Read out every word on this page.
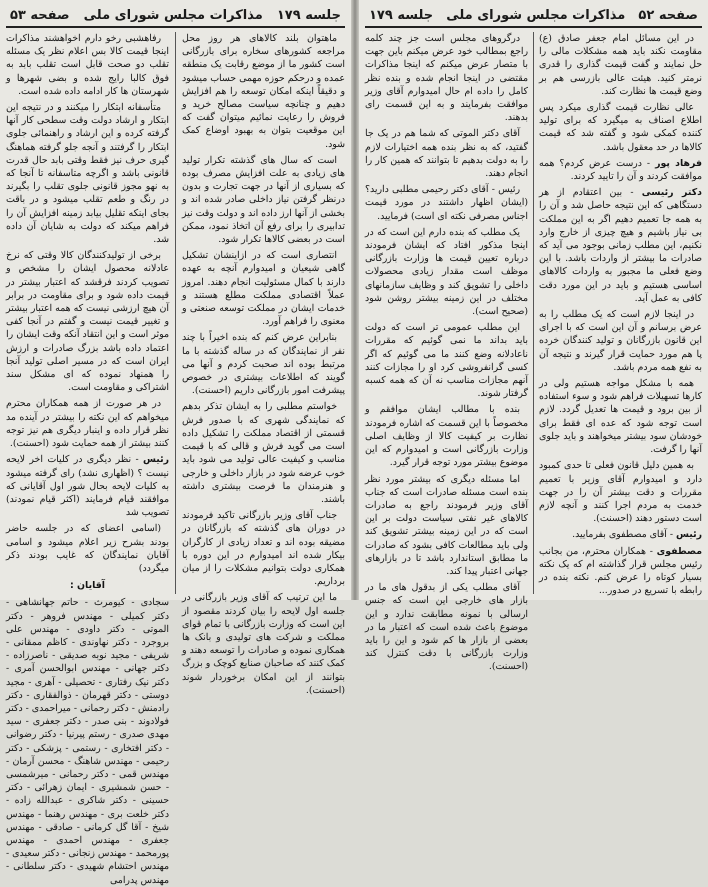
جلسه ۱۷۹
مذاکرات مجلس شورای ملی
صفحه ۵۳

رفاهشبی رخو دارم اخواهشند مذاکرات اینجا قیمت کالا بس اعلام نظر یک مسئله تقلب دو صحت قابل است تقلب بابد به فوق کالبا رایج شده و بضی شهرها و شهرستان ها کار ادامه داده شده است.

متأسفانه ابتکار را میکنند و در نتیجه این ابتکار و ارشاد دولت وقت سطحی کار آنها گرفته کرده و این ارشاد و راهنمائی جلوی ابتکار را گرفتند و آنجه جلو گرفته هماهنگ گیری حرف نیز فقط وقتی بابد حال قدرت قانونی باشد و اگرچه متاسفانه تا آنجا که به نهو مجوز قانونی جلوی تقلب را بگیرند در رنگ و طعم تقلب میشود و در باقت بجای اینکه تقلیل بیابد زمینه افزایش آن را فراهم میکند که دولت به شایان آن داده شد.

برخی از تولیدکنندگان کالا وقتی که نرخ عادلانه محصول ایشان را مشخص و تصویب کردند فرقشد که اعتبار بیشتر در قیمت داده شود و برای مقاومت در برابر آن هیچ ارزشی نیست که همه اعتبار بیشتر و تغییر قیمت نیست و گفتم در آنجا کفی موثر است و این انتقاد آنکه وقت ایشان را اعتماد داده باشد بزرگ صادرات و ارزش ایران است که در مسیر اصلی تولید آنجا را همنهاد نموده که ای مشکل سند اشتراکی و مقاومت است.

در هر صورت از همه همکاران محترم میخواهم که این نکته را بیشتر در آینده مد نظر قرار داده و اینبار دیگری هم نیز توجه کنند بیشتر از همه حمایت شود (احسنت).

رئیس - نظر دیگری در کلیات اخر لایحه نیست ؟ (اظهاری نشد) رای گرفته میشود به کلیات لایحه بحال شور اول آقایانی که موافقند قیام فرمایند (اکثر قیام نمودند) تصویب شد

(اسامی اعضای که در جلسه حاضر بودند بشرح زیر اعلام میشود و اسامی آقایان نمایندگان که غایب بودند ذکر میگردد)

آقایان :

سجادی - کیومرث - حاتم جهانشاهی - دکتر کمیلی - مهندس فروهر - دکتر الموتی - دکتر داودی - مهندس علی بروجرد - دکتر نهاوندی - کاظم ممقانی - شریفی - مجید نوبه صدیقی - ناصرزاده - دکتر جهانی - مهندس ابوالحسن آمری - دکتر نیک رفتاری - تحصیلی - آهری - مجید دوستی - دکتر قهرمان - ذوالفقاری - دکتر رادمنش - دکتر رحمانی - میراحمدی - دکتر فولادوند - بنی صدر - دکتر جعفری - سید مهدی صدری - رستم پیرنیا - دکتر رضوانی - دکتر افتخاری - رستمی - پزشکی - دکتر رحیمی - مهندس شاهنگ - محسن آرمان - مهندس قمی - دکتر رحمانی - میرشمسی - حسن شمشیری - ایمان زهرائی - دکتر حسینی - دکتر شاکری - عبدالله زاده - دکتر خلعت بری - مهندس رهنما - مهندس شیخ - آقا گل کرمانی - صادقی - مهندس جعفری - مهندس احمدی - مهندس پورمحمد - مهندس زنجانی - دکتر سعیدی - مهندس احتشام شهیدی - دکتر سلطانی - مهندس پدرامی

ماهتوان بلند کالاهای هر روز محل مراجعه کشورهای سخاره برای بازرگانی است کشور ما از موضع رقابت یک منطقه عمده و درحکم حوزه مهمی حساب میشود و دقیقاً اینکه امکان توسعه را هم افزایش دهیم و چنانچه سیاست مصالح خرید و فروش را رعایت نمائیم میتوان گفت که این موقعیت بتوان به بهبود اوضاع کمک شود.

است که سال های گذشته تکرار تولید های زیادی به علت افزایش مصرف بوده که بسیاری از آنها در جهت تجارت و بدون درنظر گرفتن نیاز داخلی صادر شده اند و بخشی از آنها ارز داده اند و دولت وقت نیز تدابیری را برای رفع آن اتخاذ نمود، ممکن است در بعضی کالاها تکرار شود.

انتصاری است که در ازاینشان تشکیل گاهی شیعیان و امیدوارم آنچه به عهده دارند با کمال مسئولیت انجام دهند. امروز عملاً اقتصادی مملکت مطلع هستند و خدمات ایشان در مملکت توسعه صنعتی و معنوی را فراهم آورد.

بنابراین عرض کنم که بنده اخیراً با چند نفر از نمایندگان که در ساله گذشته با ما مرتبط بوده اند صحبت کردم و آنها می گویند که اطلاعات بیشتری در خصوص پیشرفت امور بازرگانی داریم (احسنت).

خواستم مطلبی را به ایشان تذکر بدهم که نمایندگی شهری که با صدور فرش قسمتی از اقتصاد مملکت را تشکیل داده است می گوید فرش و قالی که با قیمت مناسب و کیفیت عالی تولید می شود باید خوب عرضه شود در بازار داخلی و خارجی و هنرمندان ما فرصت بیشتری داشته باشند.

جناب آقای وزیر بازرگانی تاکید فرمودند در دوران های گذشته که بازرگانان در مضیقه بوده اند و تعداد زیادی از کارگران بیکار شده اند امیدوارم در این دوره با همکاری دولت بتوانیم مشکلات را از میان برداریم.

ما این ترتیب که آقای وزیر بازرگانی در جلسه اول لایحه را بیان کردند مقصود از این است که وزارت بازرگانی با تمام قوای مملکت و شرکت های تولیدی و بانک ها همکاری نموده و صادرات را توسعه دهند و کمک کنند که صاحبان صنایع کوچک و بزرگ بتوانند از این امکان برخوردار شوند (احسنت).

صفحه ۵۲
مذاکرات مجلس شورای ملی
جلسه ۱۷۹

درگروهای مجلس است جز چند کلمه راجع بمطالب خود عرض میکنم باین جهت با متصار عرض میکنم که اینجا مذاکرات مقتضی در اینجا انجام شده و بنده نظر کامل را داده ام حال امیدوارم آقای وزیر موافقت بفرمایند و به این قسمت رای بدهند.

آقای دکتر الموتی که شما هم در یک جا گفتید، که به نظر بنده همه اختیارات لازم را به دولت بدهیم تا بتوانند که همین کار را انجام دهند.

رئیس - آقای دکتر رحیمی مطلبی دارید؟ (ایشان اظهار داشتند در مورد قیمت اجناس مصرفی نکته ای است) فرمایید.

یک مطلب که بنده دارم این است که در اینجا مذکور افتاد که ایشان فرمودند درباره تعیین قیمت ها وزارت بازرگانی موظف است مقدار زیادی محصولات داخلی را تشویق کند و وظایف سازمانهای مختلف در این زمینه بیشتر روشن شود (صحیح است).

این مطلب عمومی تر است که دولت باید بداند ما نمی گوئیم که مقررات ناعادلانه وضع کنند ما می گوئیم که اگر کسی گرانفروشی کرد او را مجازات کنند آنهم مجازات مناسب نه آن که همه کسبه گرفتار شوند.

بنده با مطالب ایشان موافقم و مخصوصاً با این قسمت که اشاره فرمودند نظارت بر کیفیت کالا از وظایف اصلی وزارت بازرگانی است و امیدوارم که این موضوع بیشتر مورد توجه قرار گیرد.

اما مسئله دیگری که بیشتر مورد نظر بنده است مسئله صادرات است که جناب آقای وزیر فرمودند راجع به صادرات کالاهای غیر نفتی سیاست دولت بر این است که در این زمینه بیشتر تشویق کند ولی باید مطالعات کافی بشود که صادرات ما مطابق استاندارد باشد تا در بازارهای جهانی اعتبار پیدا کند.

آقای مطلب یکی از بدقول های ما در بازار های خارجی این است که جنس ارسالی با نمونه مطابقت ندارد و این موضوع باعث شده است که اعتبار ما در بعضی از بازار ها کم شود و این را باید وزارت بازرگانی با دقت کنترل کند (احسنت).

در این مسائل امام جعفر صادق (ع) مقاومت نکند باید همه مشکلات مالی را حل نمایند و گفت قیمت گذاری را قدری نرمتر کنید. هیئت عالی بازرسی هم بر وضع قیمت ها نظارت کند.

عالی نظارت قیمت گذاری میکرد پس اطلاع اصناف به میگیرد که برای تولید کننده کمکی شود و گفته شد که قیمت کالاها در حد معقول باشد.

فرهاد پور - درست عرض کردم؟ همه موافقت کردند و آن را تایید کردند.

دکتر رئیسی - بین اعتقادم از هر دستگاهی که این نتیجه حاصل شد و آن را به همه جا تعمیم دهیم اگر به این مملکت بی نیاز باشیم و هیچ چیزی از خارج وارد نکنیم، این مطلب زمانی بوجود می آید که صادرات ما بیشتر از واردات باشد. با این وضع فعلی ما مجبور به واردات کالاهای اساسی هستیم و باید در این مورد دقت کافی به عمل آید.

در اینجا لازم است که یک مطلب را به عرض برسانم و آن این است که با اجرای این قانون بازرگانان و تولید کنندگان خرده پا هم مورد حمایت قرار گیرند و نتیجه آن به نفع همه مردم باشد.

همه با مشکل مواجه هستیم ولی در کارها تسهیلات فراهم شود و سوء استفاده از بین برود و قیمت ها تعدیل گردد. لازم است توجه شود که عده ای فقط برای خودشان سود بیشتر میخواهند و باید جلوی آنها را گرفت.

به همین دلیل قانون فعلی تا حدی کمبود دارد و امیدوارم آقای وزیر با تعمیم مقررات و دقت بیشتر آن را در جهت خدمت به مردم اجرا کنند و آنچه لازم است دستور دهند (احسنت).

رئیس - آقای مصطفوی بفرمایید.

مصطفوی - همکاران محترم، من بجانب رئیس مجلس قرار گذاشته ام که یک نکته بسیار کوتاه را عرض کنم. نکته بنده در رابطه با تسریع در صدور...
